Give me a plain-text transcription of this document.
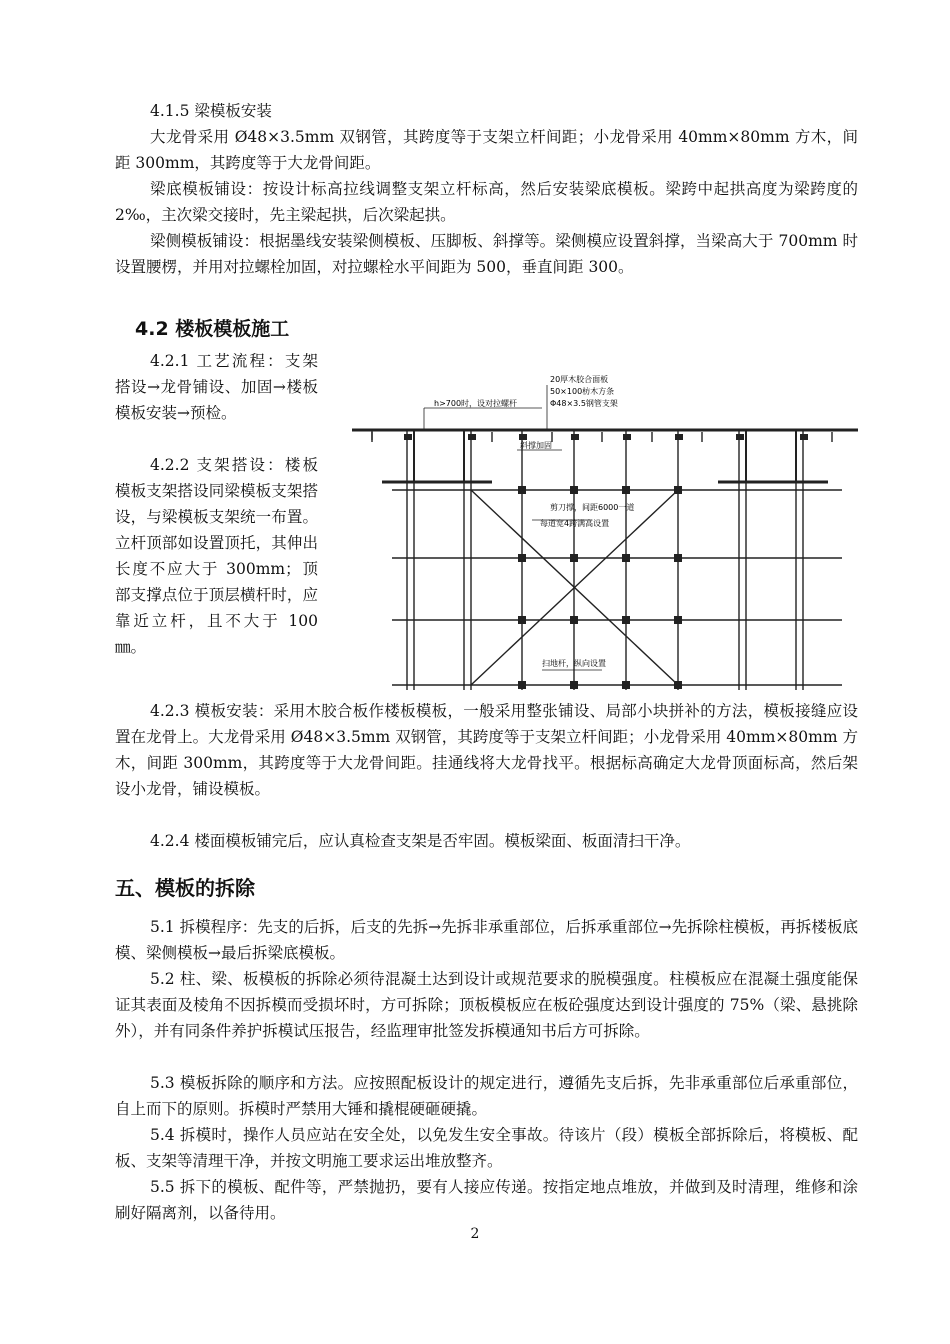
4.1.5 梁模板安装

大龙骨采用 Ø48×3.5mm 双钢管，其跨度等于支架立杆间距；小龙骨采用 40mm×80mm 方木，间距 300mm，其跨度等于大龙骨间距。

梁底模板铺设：按设计标高拉线调整支架立杆标高，然后安装梁底模板。梁跨中起拱高度为梁跨度的 2‰，主次梁交接时，先主梁起拱，后次梁起拱。

梁侧模板铺设：根据墨线安装梁侧模板、压脚板、斜撑等。梁侧模应设置斜撑，当梁高大于 700mm 时设置腰楞，并用对拉螺栓加固，对拉螺栓水平间距为 500，垂直间距 300。

4.2 楼板模板施工

4.2.1 工艺流程：支架搭设→龙骨铺设、加固→楼板模板安装→预检。

4.2.2 支架搭设：楼板模板支架搭设同梁模板支架搭设，与梁模板支架统一布置。立杆顶部如设置顶托，其伸出长度不应大于 300mm；顶部支撑点位于顶层横杆时，应靠近立杆，且不大于 100 ㎜。

20厚木胶合面板
50×100枋木方条
Φ48×3.5钢管支架
h>700时，设对拉螺杆
斜撑加固
剪刀撑，间距6000一道
每道宽4跨满高设置
扫地杆，纵向设置

4.2.3 模板安装：采用木胶合板作楼板模板，一般采用整张铺设、局部小块拼补的方法，模板接缝应设置在龙骨上。大龙骨采用 Ø48×3.5mm 双钢管，其跨度等于支架立杆间距；小龙骨采用 40mm×80mm 方木，间距 300mm，其跨度等于大龙骨间距。挂通线将大龙骨找平。根据标高确定大龙骨顶面标高，然后架设小龙骨，铺设模板。

4.2.4 楼面模板铺完后，应认真检查支架是否牢固。模板梁面、板面清扫干净。

五、模板的拆除

5.1 拆模程序：先支的后拆，后支的先拆→先拆非承重部位，后拆承重部位→先拆除柱模板，再拆楼板底模、梁侧模板→最后拆梁底模板。

5.2 柱、梁、板模板的拆除必须待混凝土达到设计或规范要求的脱模强度。柱模板应在混凝土强度能保证其表面及棱角不因拆模而受损坏时，方可拆除；顶板模板应在板砼强度达到设计强度的 75%（梁、悬挑除外），并有同条件养护拆模试压报告，经监理审批签发拆模通知书后方可拆除。

5.3 模板拆除的顺序和方法。应按照配板设计的规定进行，遵循先支后拆，先非承重部位后承重部位，自上而下的原则。拆模时严禁用大锤和撬棍硬砸硬撬。

5.4 拆模时，操作人员应站在安全处，以免发生安全事故。待该片（段）模板全部拆除后，将模板、配板、支架等清理干净，并按文明施工要求运出堆放整齐。

5.5 拆下的模板、配件等，严禁抛扔，要有人接应传递。按指定地点堆放，并做到及时清理，维修和涂刷好隔离剂，以备待用。

2
